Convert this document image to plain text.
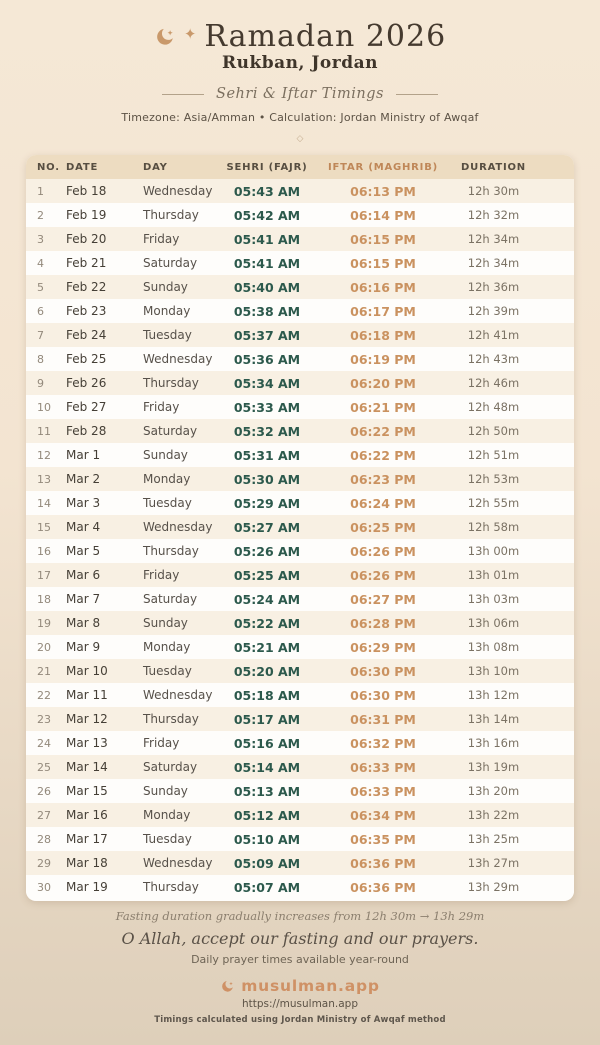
✦ Ramadan 2026
Rukban, Jordan
Sehri & Iftar Timings
Timezone: Asia/Amman • Calculation: Jordan Ministry of Awqaf
◇
NO.	DATE	DAY	SEHRI (FAJR)	IFTAR (MAGHRIB)	DURATION
1	Feb 18	Wednesday	05:43 AM	06:13 PM	12h 30m
2	Feb 19	Thursday	05:42 AM	06:14 PM	12h 32m
3	Feb 20	Friday	05:41 AM	06:15 PM	12h 34m
4	Feb 21	Saturday	05:41 AM	06:15 PM	12h 34m
5	Feb 22	Sunday	05:40 AM	06:16 PM	12h 36m
6	Feb 23	Monday	05:38 AM	06:17 PM	12h 39m
7	Feb 24	Tuesday	05:37 AM	06:18 PM	12h 41m
8	Feb 25	Wednesday	05:36 AM	06:19 PM	12h 43m
9	Feb 26	Thursday	05:34 AM	06:20 PM	12h 46m
10	Feb 27	Friday	05:33 AM	06:21 PM	12h 48m
11	Feb 28	Saturday	05:32 AM	06:22 PM	12h 50m
12	Mar 1	Sunday	05:31 AM	06:22 PM	12h 51m
13	Mar 2	Monday	05:30 AM	06:23 PM	12h 53m
14	Mar 3	Tuesday	05:29 AM	06:24 PM	12h 55m
15	Mar 4	Wednesday	05:27 AM	06:25 PM	12h 58m
16	Mar 5	Thursday	05:26 AM	06:26 PM	13h 00m
17	Mar 6	Friday	05:25 AM	06:26 PM	13h 01m
18	Mar 7	Saturday	05:24 AM	06:27 PM	13h 03m
19	Mar 8	Sunday	05:22 AM	06:28 PM	13h 06m
20	Mar 9	Monday	05:21 AM	06:29 PM	13h 08m
21	Mar 10	Tuesday	05:20 AM	06:30 PM	13h 10m
22	Mar 11	Wednesday	05:18 AM	06:30 PM	13h 12m
23	Mar 12	Thursday	05:17 AM	06:31 PM	13h 14m
24	Mar 13	Friday	05:16 AM	06:32 PM	13h 16m
25	Mar 14	Saturday	05:14 AM	06:33 PM	13h 19m
26	Mar 15	Sunday	05:13 AM	06:33 PM	13h 20m
27	Mar 16	Monday	05:12 AM	06:34 PM	13h 22m
28	Mar 17	Tuesday	05:10 AM	06:35 PM	13h 25m
29	Mar 18	Wednesday	05:09 AM	06:36 PM	13h 27m
30	Mar 19	Thursday	05:07 AM	06:36 PM	13h 29m
Fasting duration gradually increases from 12h 30m → 13h 29m
O Allah, accept our fasting and our prayers.
Daily prayer times available year-round
musulman.app
https://musulman.app
Timings calculated using Jordan Ministry of Awqaf method
